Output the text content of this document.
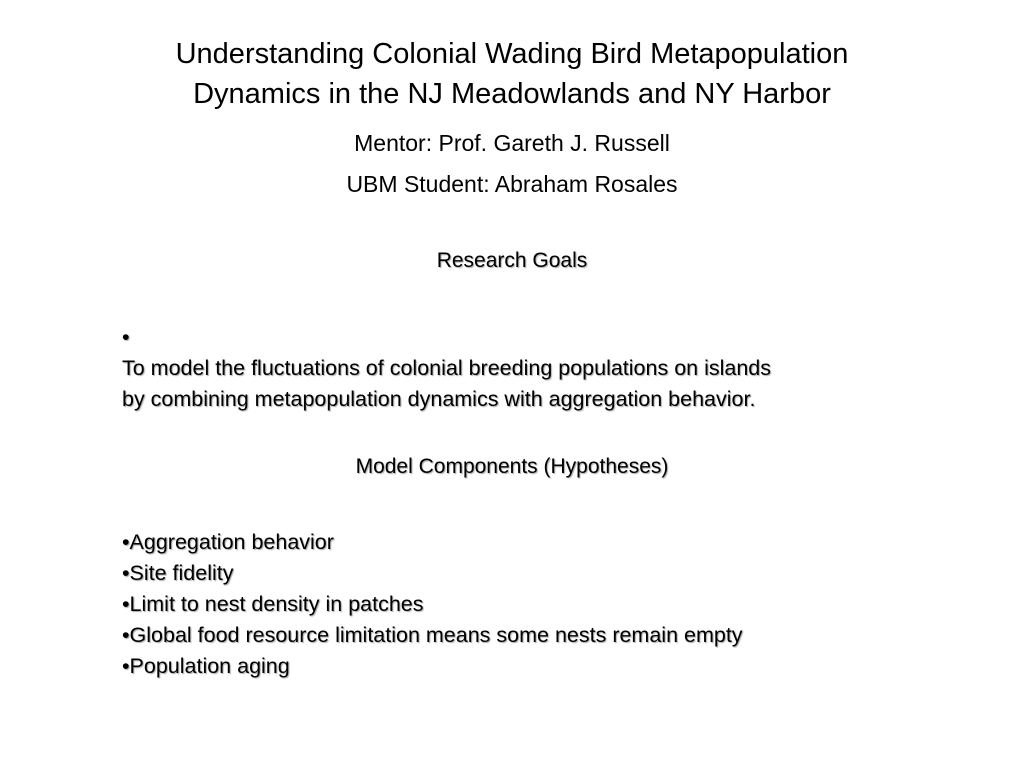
Understanding Colonial Wading Bird Metapopulation
Dynamics in the NJ Meadowlands and NY Harbor
Mentor: Prof. Gareth J. Russell
UBM Student: Abraham Rosales
Research Goals
•
To model the fluctuations of colonial breeding populations on islands
by combining metapopulation dynamics with aggregation behavior.
Model Components (Hypotheses)
•Aggregation behavior
•Site fidelity
•Limit to nest density in patches
•Global food resource limitation means some nests remain empty
•Population aging
